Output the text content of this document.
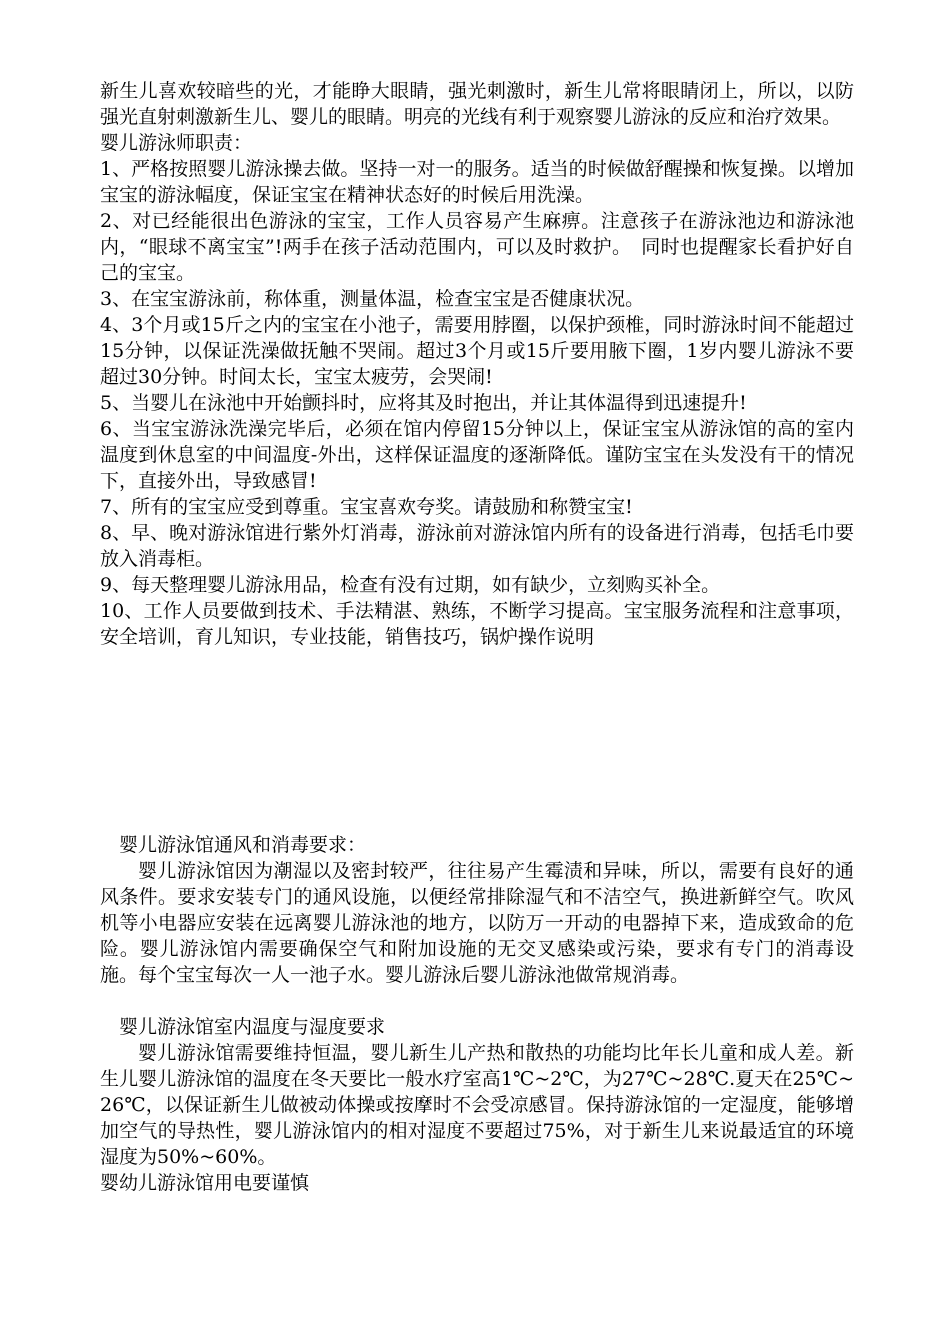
新生儿喜欢较暗些的光，才能睁大眼睛，强光刺激时，新生儿常将眼睛闭上，所以，以防强光直射刺激新生儿、婴儿的眼睛。明亮的光线有利于观察婴儿游泳的反应和治疗效果。

婴儿游泳师职责：

1、严格按照婴儿游泳操去做。坚持一对一的服务。适当的时候做舒醒操和恢复操。以增加宝宝的游泳幅度，保证宝宝在精神状态好的时候后用洗澡。

2、对已经能很出色游泳的宝宝，工作人员容易产生麻痹。注意孩子在游泳池边和游泳池内，“眼球不离宝宝”!两手在孩子活动范围内，可以及时救护。　同时也提醒家长看护好自己的宝宝。

3、在宝宝游泳前，称体重，测量体温，检查宝宝是否健康状况。

4、3个月或15斤之内的宝宝在小池子，需要用脖圈，以保护颈椎，同时游泳时间不能超过15分钟，以保证洗澡做抚触不哭闹。超过3个月或15斤要用腋下圈，1岁内婴儿游泳不要超过30分钟。时间太长，宝宝太疲劳，会哭闹!

5、当婴儿在泳池中开始颤抖时，应将其及时抱出，并让其体温得到迅速提升!

6、当宝宝游泳洗澡完毕后，必须在馆内停留15分钟以上，保证宝宝从游泳馆的高的室内温度到休息室的中间温度-外出，这样保证温度的逐渐降低。谨防宝宝在头发没有干的情况下，直接外出，导致感冒!

7、所有的宝宝应受到尊重。宝宝喜欢夸奖。请鼓励和称赞宝宝!

8、早、晚对游泳馆进行紫外灯消毒，游泳前对游泳馆内所有的设备进行消毒，包括毛巾要放入消毒柜。

9、每天整理婴儿游泳用品，检查有没有过期，如有缺少，立刻购买补全。

10、工作人员要做到技术、手法精湛、熟练，不断学习提高。宝宝服务流程和注意事项，安全培训，育儿知识，专业技能，销售技巧，锅炉操作说明

婴儿游泳馆通风和消毒要求：

婴儿游泳馆因为潮湿以及密封较严，往往易产生霉渍和异味，所以，需要有良好的通风条件。要求安装专门的通风设施，以便经常排除湿气和不洁空气，换进新鲜空气。吹风机等小电器应安装在远离婴儿游泳池的地方，以防万一开动的电器掉下来，造成致命的危险。婴儿游泳馆内需要确保空气和附加设施的无交叉感染或污染，要求有专门的消毒设施。每个宝宝每次一人一池子水。婴儿游泳后婴儿游泳池做常规消毒。

婴儿游泳馆室内温度与湿度要求

婴儿游泳馆需要维持恒温，婴儿新生儿产热和散热的功能均比年长儿童和成人差。新生儿婴儿游泳馆的温度在冬天要比一般水疗室高1℃~2℃，为27℃~28℃.夏天在25℃~26℃，以保证新生儿做被动体操或按摩时不会受凉感冒。保持游泳馆的一定湿度，能够增加空气的导热性，婴儿游泳馆内的相对湿度不要超过75%，对于新生儿来说最适宜的环境湿度为50%~60%。

婴幼儿游泳馆用电要谨慎
